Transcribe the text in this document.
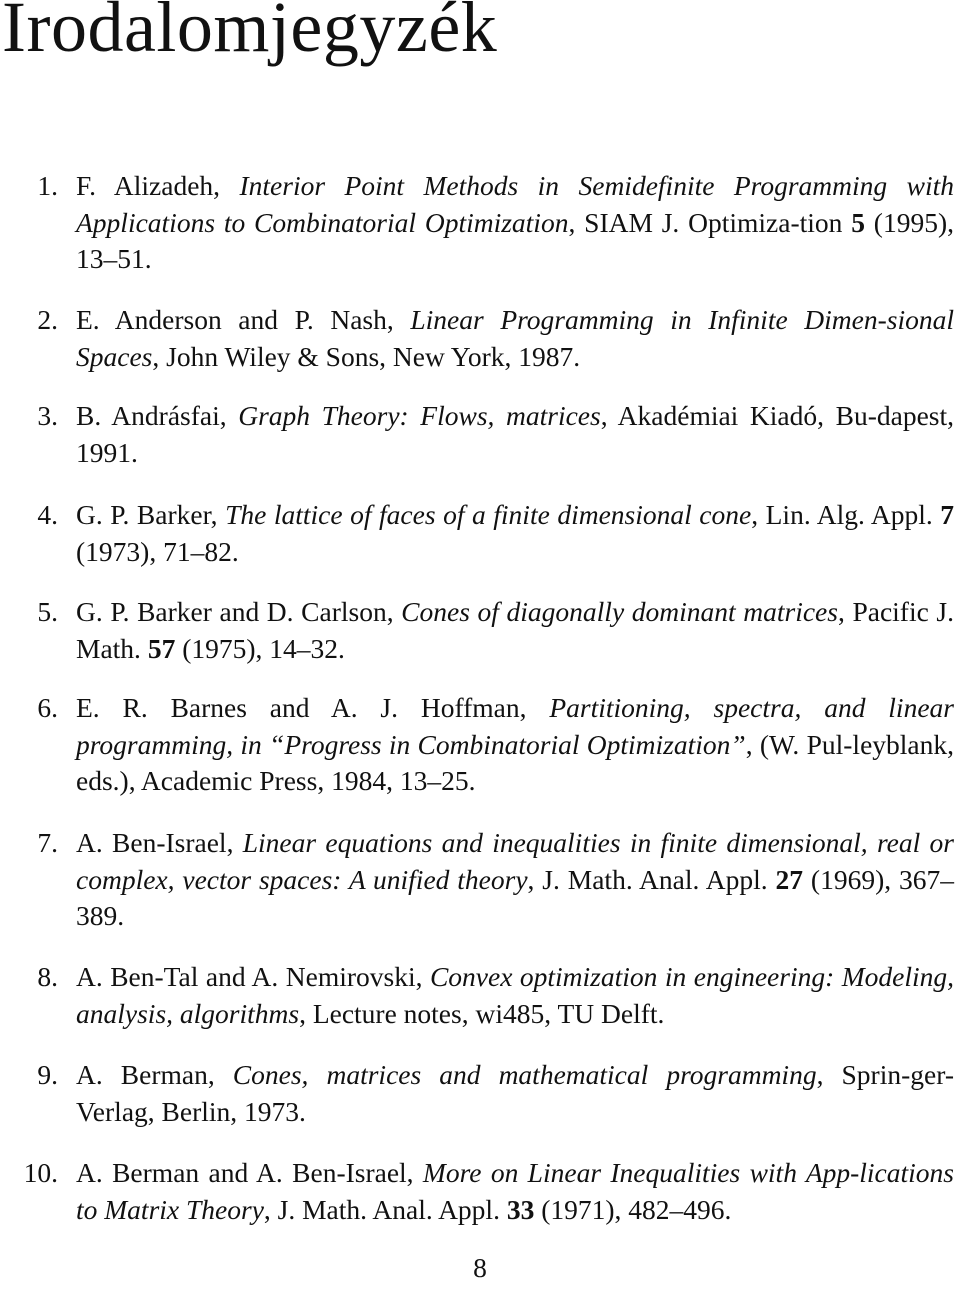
Irodalomjegyzék
1. F. Alizadeh, Interior Point Methods in Semidefinite Programming with Applications to Combinatorial Optimization, SIAM J. Optimiza-tion 5 (1995), 13–51.
2. E. Anderson and P. Nash, Linear Programming in Infinite Dimen-sional Spaces, John Wiley & Sons, New York, 1987.
3. B. Andrásfai, Graph Theory: Flows, matrices, Akadémiai Kiadó, Bu-dapest, 1991.
4. G. P. Barker, The lattice of faces of a finite dimensional cone, Lin. Alg. Appl. 7 (1973), 71–82.
5. G. P. Barker and D. Carlson, Cones of diagonally dominant matrices, Pacific J. Math. 57 (1975), 14–32.
6. E. R. Barnes and A. J. Hoffman, Partitioning, spectra, and linear programming, in “Progress in Combinatorial Optimization”, (W. Pul-leyblank, eds.), Academic Press, 1984, 13–25.
7. A. Ben-Israel, Linear equations and inequalities in finite dimensional, real or complex, vector spaces: A unified theory, J. Math. Anal. Appl. 27 (1969), 367–389.
8. A. Ben-Tal and A. Nemirovski, Convex optimization in engineering: Modeling, analysis, algorithms, Lecture notes, wi485, TU Delft.
9. A. Berman, Cones, matrices and mathematical programming, Sprin-ger-Verlag, Berlin, 1973.
10. A. Berman and A. Ben-Israel, More on Linear Inequalities with App-lications to Matrix Theory, J. Math. Anal. Appl. 33 (1971), 482–496.
8
